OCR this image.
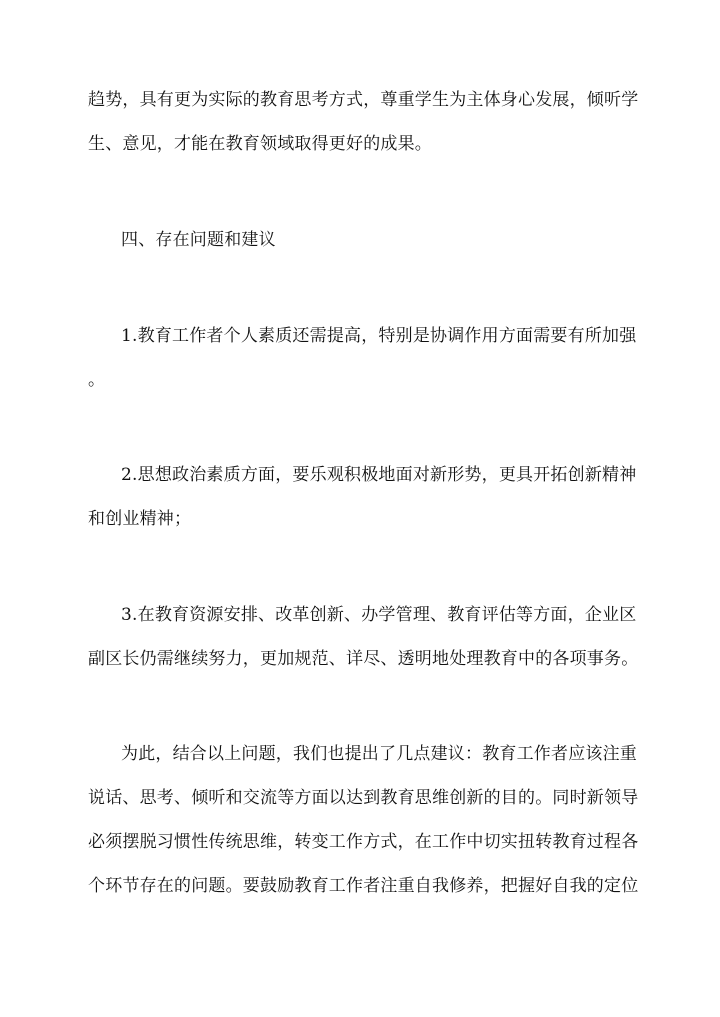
趋势，具有更为实际的教育思考方式，尊重学生为主体身心发展，倾听学
生、意见，才能在教育领域取得更好的成果。
四、存在问题和建议
1.教育工作者个人素质还需提高，特别是协调作用方面需要有所加强
。
2.思想政治素质方面，要乐观积极地面对新形势，更具开拓创新精神
和创业精神；
3.在教育资源安排、改革创新、办学管理、教育评估等方面，企业区
副区长仍需继续努力，更加规范、详尽、透明地处理教育中的各项事务。
为此，结合以上问题，我们也提出了几点建议：教育工作者应该注重
说话、思考、倾听和交流等方面以达到教育思维创新的目的。同时新领导
必须摆脱习惯性传统思维，转变工作方式，在工作中切实扭转教育过程各
个环节存在的问题。要鼓励教育工作者注重自我修养，把握好自我的定位
